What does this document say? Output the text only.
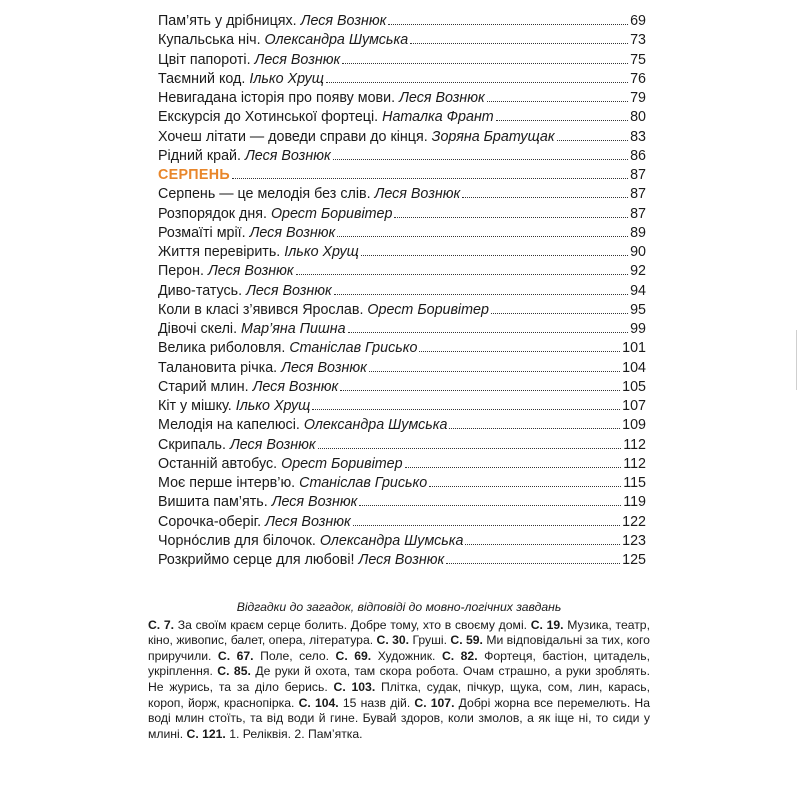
Пам’ять у дрібницях. Леся Вознюк	69
Купальська ніч. Олександра Шумська	73
Цвіт папороті. Леся Вознюк	75
Таємний код. Ілько Хрущ	76
Невигадана історія про появу мови. Леся Вознюк	79
Екскурсія до Хотинської фортеці. Наталка Франт	80
Хочеш літати — доведи справи до кінця. Зоряна Братущак	83
Рідний край. Леся Вознюк	86
СЕРПЕНЬ	87
Серпень — це мелодія без слів. Леся Вознюк	87
Розпорядок дня. Орест Боривітер	87
Розмаїті мрії. Леся Вознюк	89
Життя перевірить. Ілько Хрущ	90
Перон. Леся Вознюк	92
Диво-татусь. Леся Вознюк	94
Коли в класі з’явився Ярослав. Орест Боривітер	95
Дівочі скелі. Мар’яна Пишна	99
Велика риболовля. Станіслав Грисько	101
Талановита річка. Леся Вознюк	104
Старий млин. Леся Вознюк	105
Кіт у мішку. Ілько Хрущ	107
Мелодія на капелюсі. Олександра Шумська	109
Скрипаль. Леся Вознюк	112
Останній автобус. Орест Боривітер	112
Моє перше інтерв’ю. Станіслав Грисько	115
Вишита пам’ять. Леся Вознюк	119
Сорочка-оберіг. Леся Вознюк	122
Чорно́слив для білочок. Олександра Шумська	123
Розкриймо серце для любові! Леся Вознюк	125
Відгадки до загадок, відповіді до мовно-логічних завдань

С. 7. За своїм краєм серце болить. Добре тому, хто в своєму домі. С. 19. Музика, театр, кіно, живопис, балет, опера, література. С. 30. Груші. С. 59. Ми відповідальні за тих, кого приручили. С. 67. Поле, село. С. 69. Художник. С. 82. Фортеця, бастіон, цитадель, укріплення. С. 85. Де руки й охота, там скора робота. Очам страшно, а руки зроблять. Не журись, та за діло берись. С. 103. Плітка, судак, пічкур, щука, сом, лин, карась, короп, йорж, краснопірка. С. 104. 15 назв дій. С. 107. Добрі жорна все перемелють. На воді млин стоїть, та від води й гине. Бувай здоров, коли змолов, а як іще ні, то сиди у млині. С. 121. 1. Реліквія. 2. Пам’ятка.
